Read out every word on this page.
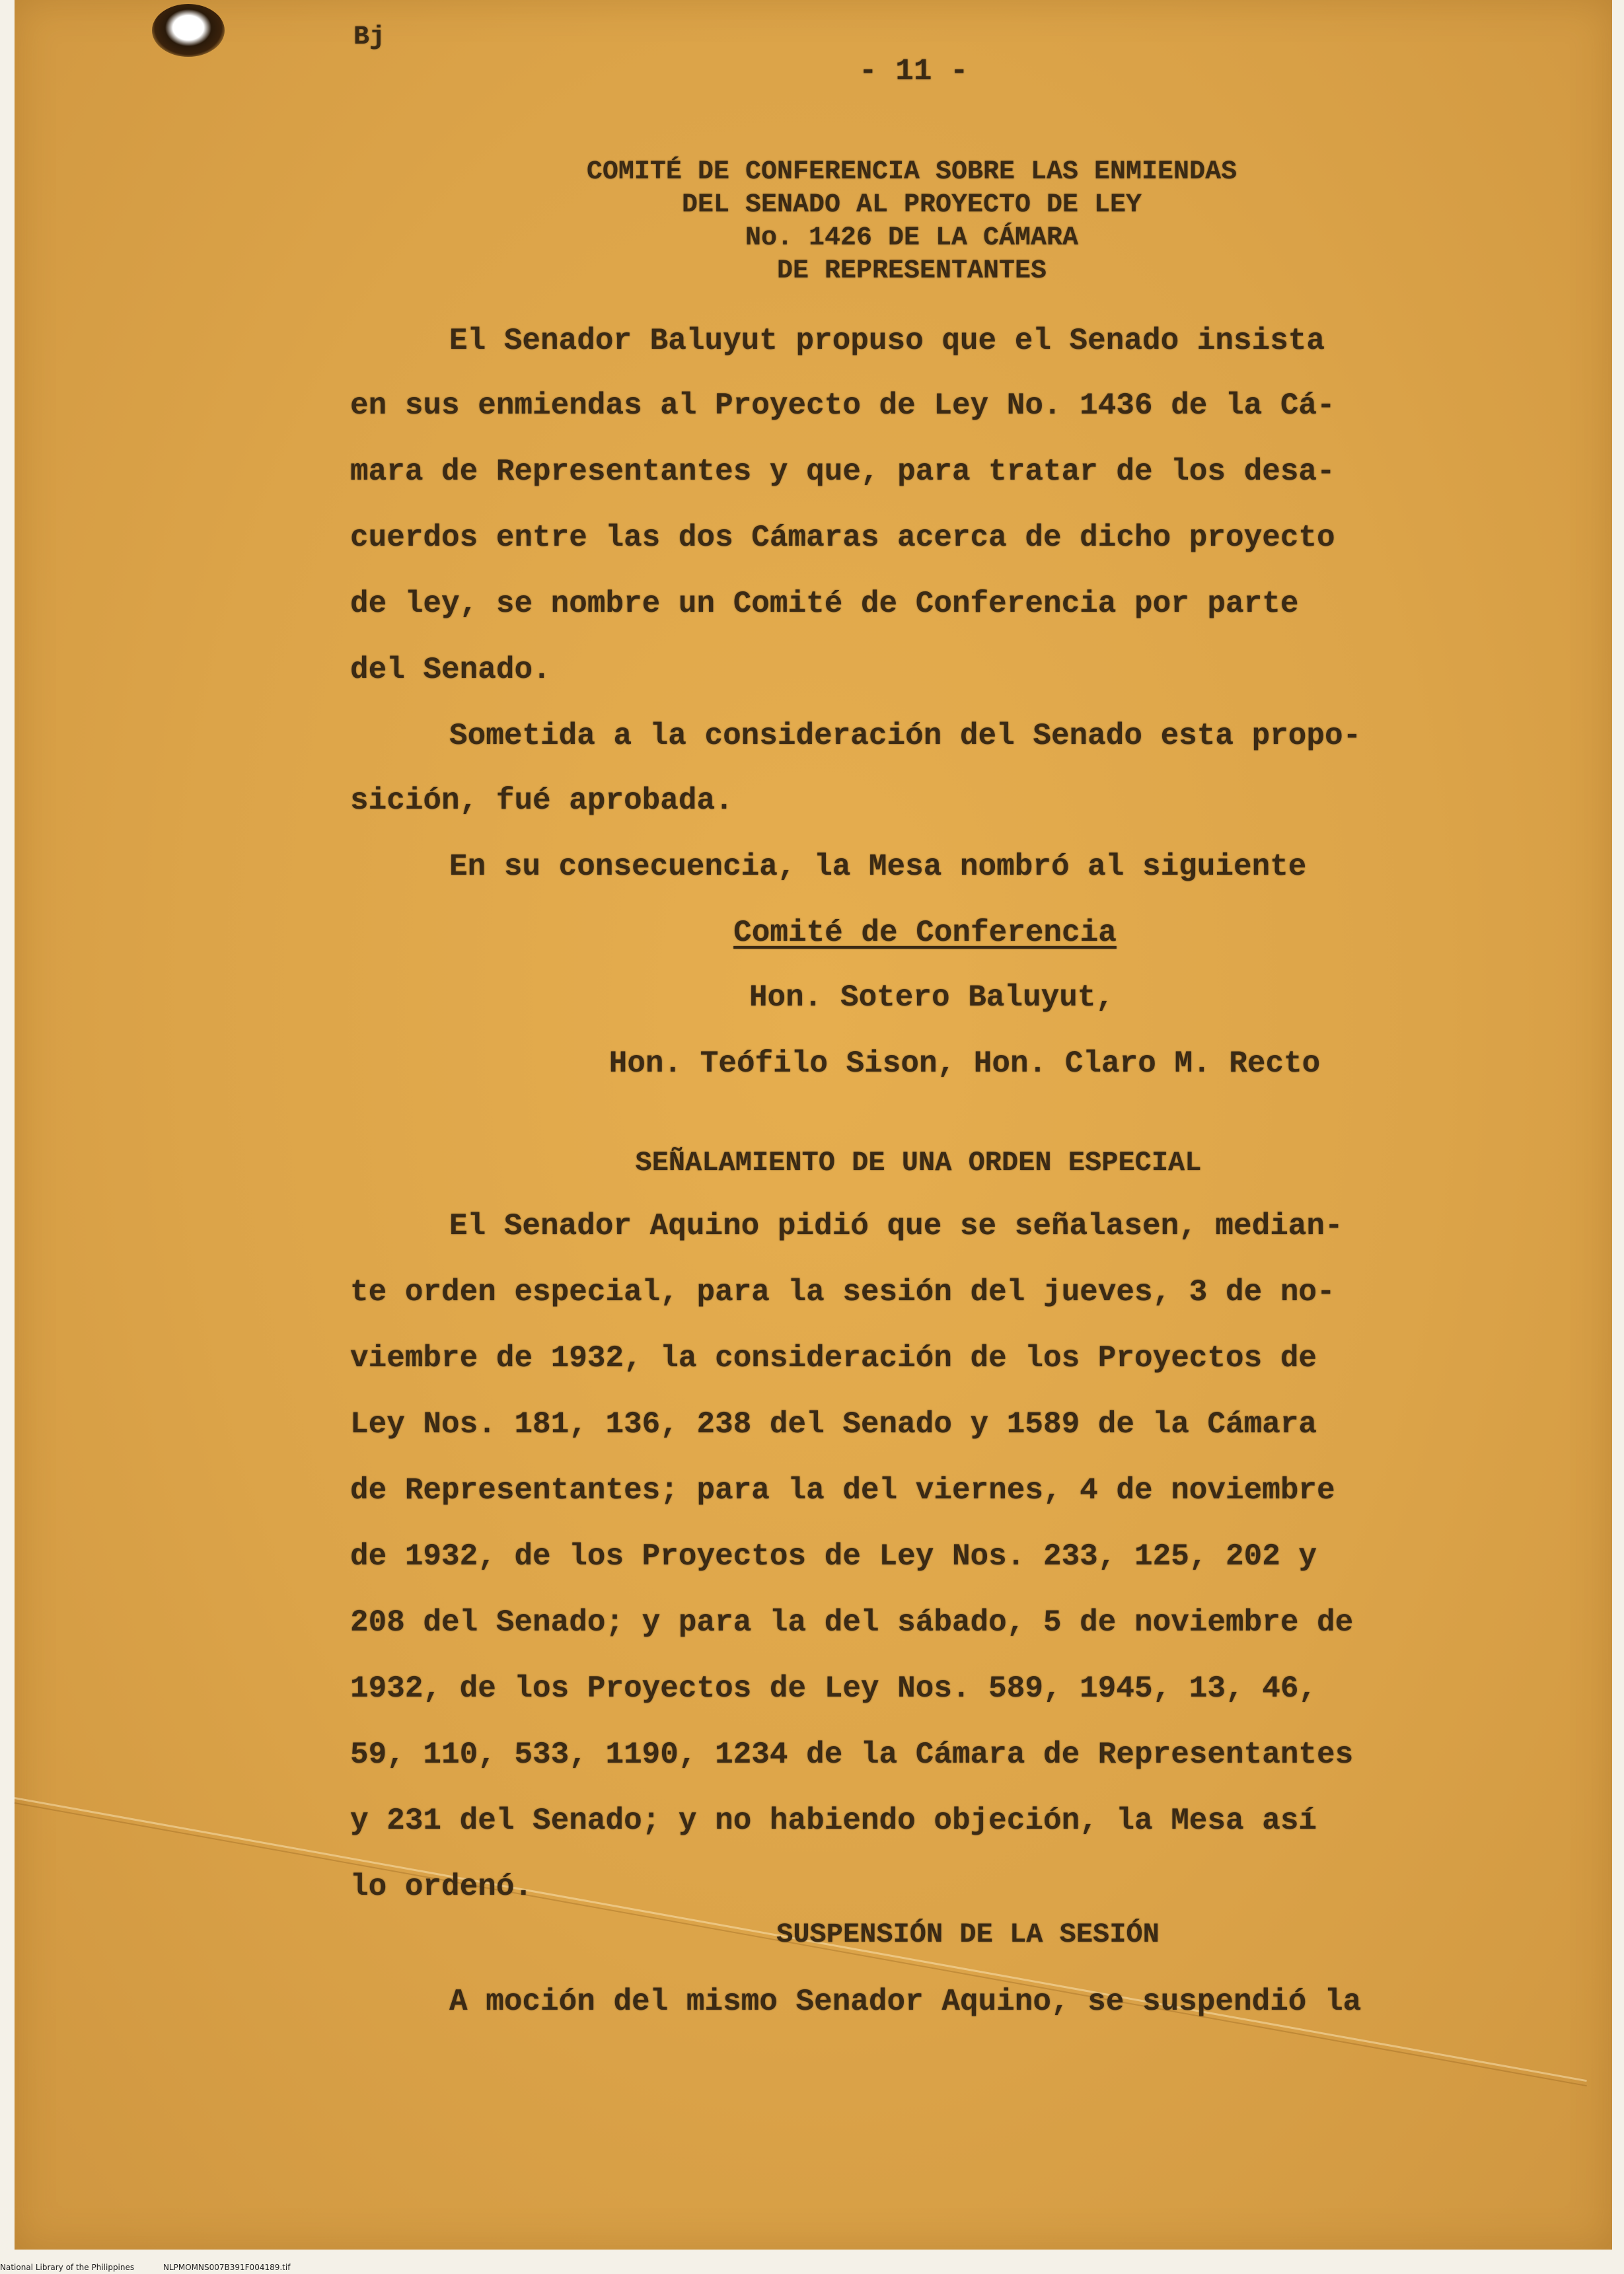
Bj
- 11 -
COMITÉ DE CONFERENCIA SOBRE LAS ENMIENDAS
DEL SENADO AL PROYECTO DE LEY
No. 1426 DE LA CÁMARA
DE REPRESENTANTES
El Senador Baluyut propuso que el Senado insista
en sus enmiendas al Proyecto de Ley No. 1436 de la Cá-
mara de Representantes y que, para tratar de los desa-
cuerdos entre las dos Cámaras acerca de dicho proyecto
de ley, se nombre un Comité de Conferencia por parte
del Senado.
Sometida a la consideración del Senado esta propo-
sición, fué aprobada.
En su consecuencia, la Mesa nombró al siguiente
Comité de Conferencia
Hon. Sotero Baluyut,
Hon. Teófilo Sison, Hon. Claro M. Recto
SEÑALAMIENTO DE UNA ORDEN ESPECIAL
El Senador Aquino pidió que se señalasen, median-
te orden especial, para la sesión del jueves, 3 de no-
viembre de 1932, la consideración de los Proyectos de
Ley Nos. 181, 136, 238 del Senado y 1589 de la Cámara
de Representantes; para la del viernes, 4 de noviembre
de 1932, de los Proyectos de Ley Nos. 233, 125, 202 y
208 del Senado; y para la del sábado, 5 de noviembre de
1932, de los Proyectos de Ley Nos. 589, 1945, 13, 46,
59, 110, 533, 1190, 1234 de la Cámara de Representantes
y 231 del Senado; y no habiendo objeción, la Mesa así
lo ordenó.
SUSPENSIÓN DE LA SESIÓN
A moción del mismo Senador Aquino, se suspendió la
National Library of the Philippines	NLPMOMNS007B391F004189.tif
